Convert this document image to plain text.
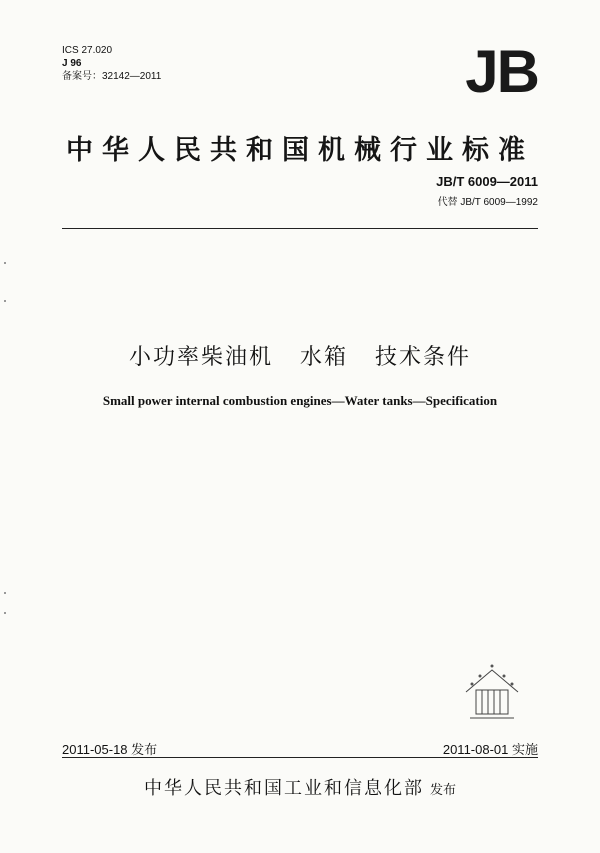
ICS 27.020
J 96
备案号：32142—2011	JB
中华人民共和国机械行业标准
JB/T 6009—2011
代替 JB/T 6009—1992
小功率柴油机   水箱   技术条件
Small power internal combustion engines—Water tanks—Specification
2011-05-18 发布	2011-08-01 实施
中华人民共和国工业和信息化部 发布
